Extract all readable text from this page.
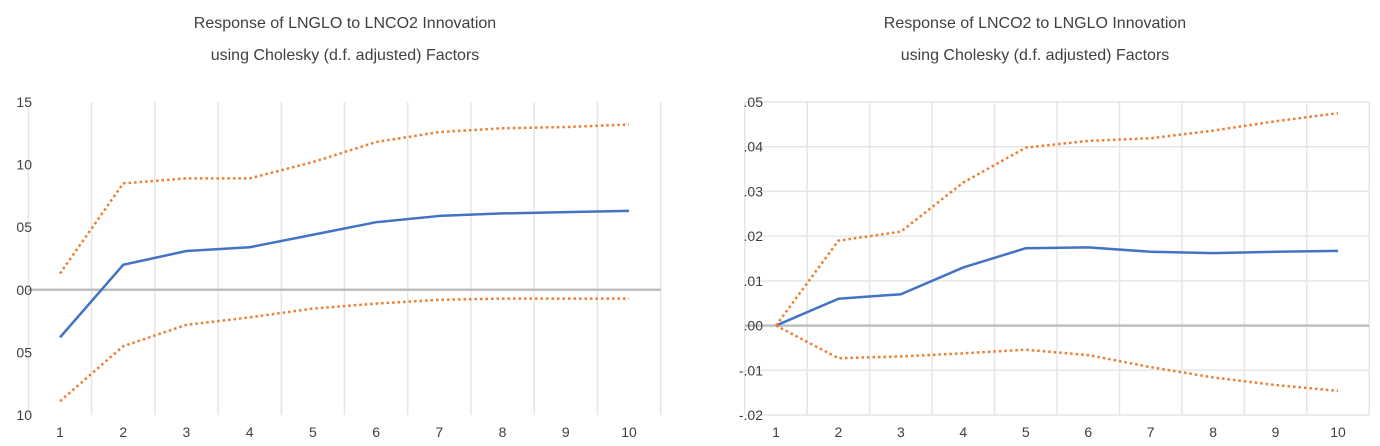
Response of LNGLO to LNCO2 Innovation
using Cholesky (d.f. adjusted) Factors
10
05
00
05
10
15
1	2	3	4	5	6	7	8	9	10
Response of LNCO2 to LNGLO Innovation
using Cholesky (d.f. adjusted) Factors
-.02
-.01
.00
.01
.02
.03
.04
.05
1	2	3	4	5	6	7	8	9	10
